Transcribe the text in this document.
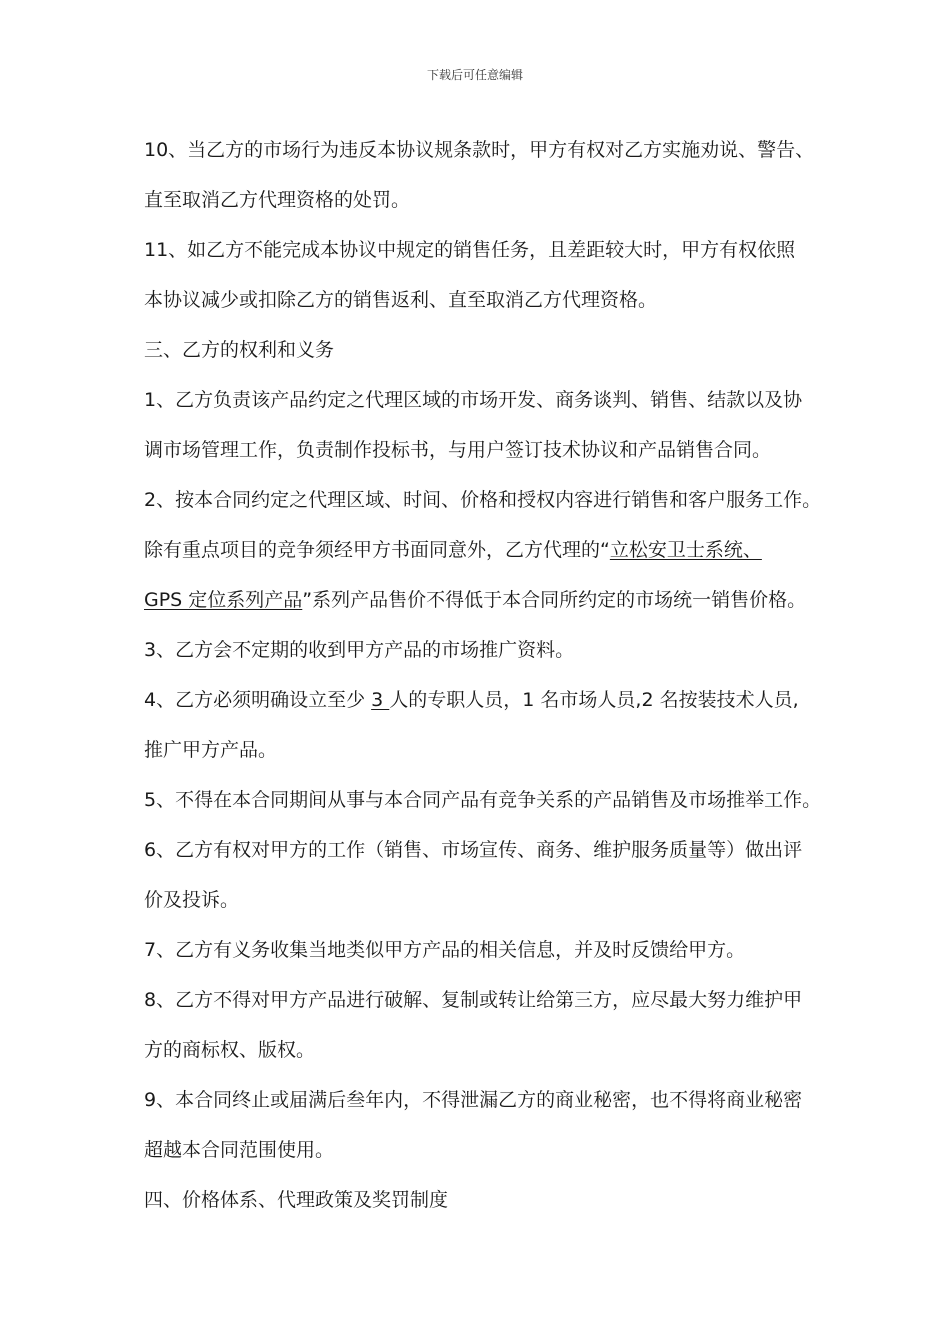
下载后可任意编辑
10、当乙方的市场行为违反本协议规条款时，甲方有权对乙方实施劝说、警告、
直至取消乙方代理资格的处罚。
11、如乙方不能完成本协议中规定的销售任务，且差距较大时，甲方有权依照
本协议减少或扣除乙方的销售返利、直至取消乙方代理资格。
三、乙方的权利和义务
1、乙方负责该产品约定之代理区域的市场开发、商务谈判、销售、结款以及协
调市场管理工作，负责制作投标书，与用户签订技术协议和产品销售合同。
2、按本合同约定之代理区域、时间、价格和授权内容进行销售和客户服务工作。
除有重点项目的竞争须经甲方书面同意外，乙方代理的“立松安卫士系统、
GPS 定位系列产品”系列产品售价不得低于本合同所约定的市场统一销售价格。
3、乙方会不定期的收到甲方产品的市场推广资料。
4、乙方必须明确设立至少 3 人的专职人员，1 名市场人员,2 名按装技术人员,
推广甲方产品。
5、不得在本合同期间从事与本合同产品有竞争关系的产品销售及市场推举工作。
6、乙方有权对甲方的工作（销售、市场宣传、商务、维护服务质量等）做出评
价及投诉。
7、乙方有义务收集当地类似甲方产品的相关信息，并及时反馈给甲方。
8、乙方不得对甲方产品进行破解、复制或转让给第三方，应尽最大努力维护甲
方的商标权、版权。
9、本合同终止或届满后叁年内，不得泄漏乙方的商业秘密，也不得将商业秘密
超越本合同范围使用。
四、价格体系、代理政策及奖罚制度
